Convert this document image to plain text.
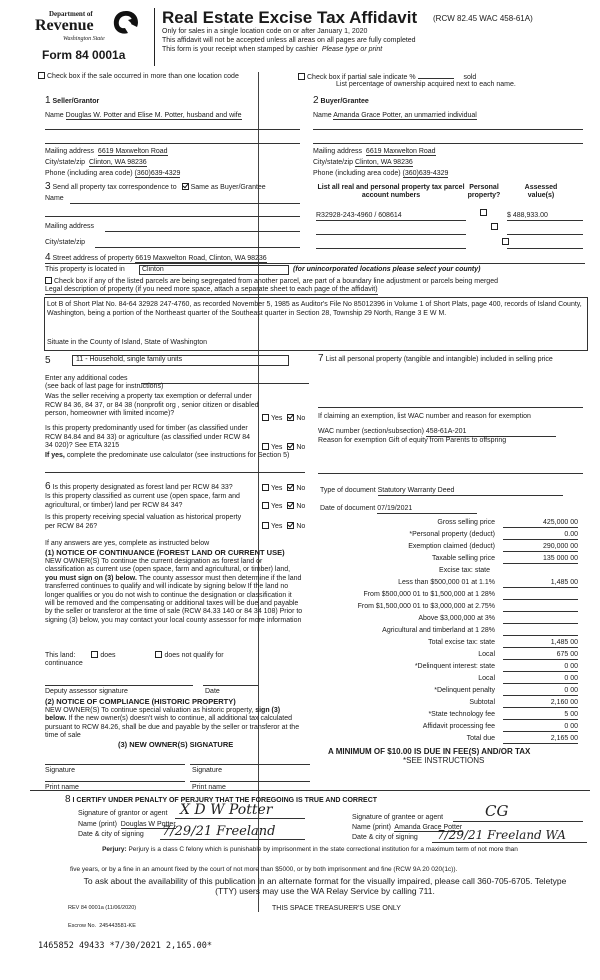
Department of
Revenue
Washington State
Form 84 0001a
Real Estate Excise Tax Affidavit (RCW 82.45 WAC 458-61A)
Only for sales in a single location code on or after January 1, 2020
This affidavit will not be accepted unless all areas on all pages are fully completed
This form is your receipt when stamped by cashier Please type or print
Check box if the sale occurred in more than one location code	Check box if partial sale indicate %	sold
List percentage of ownership acquired next to each name.
1 Seller/Grantor
Name Douglas W. Potter and Elise M. Potter, husband and wife
Mailing address 6619 Maxwelton Road
City/state/zip Clinton, WA 98236
Phone (including area code) (360)639-4329
2 Buyer/Grantee
Name Amanda Grace Potter, an unmarried individual
Mailing address 6619 Maxwelton Road
City/state/zip Clinton, WA 98236
Phone (including area code) (360)639-4329
3 Send all property tax correspondence to Same as Buyer/Grantee
Name
Mailing address
City/state/zip
List all real and personal property tax parcel account numbers
Personal property?
Assessed value(s)
R32928-243-4960 / 608614
	$ 488,933.00

4 Street address of property 6619 Maxwelton Road, Clinton, WA 98236
This property is located in	Clinton	(for unincorporated locations please select your county)
Check box if any of the listed parcels are being segregated from another parcel, are part of a boundary line adjustment or parcels being merged
Legal description of property (if you need more space, attach a separate sheet to each page of the affidavit)
Lot B of Short Plat No. 84-64 32928 247-4760, as recorded November 5, 1985 as Auditor's File No 85012396 in Volume 1 of Short Plats, page 400, records of Island County, Washington, being a portion of the Northeast quarter of the Southeast quarter in Section 28, Township 29 North, Range 3 E W M.
Situate in the County of Island, State of Washington
5	11 - Household, single family units
Enter any additional codes
(see back of last page for instructions)
Was the seller receiving a property tax exemption or deferral under RCW 84 36, 84 37, or 84 38 (nonprofit org , senior citizen or disabled person, homeowner with limited income)?
Yes No
Is this property predominantly used for timber (as classified under RCW 84.84 and 84 33) or agriculture (as classified under RCW 84 34 020)? See ETA 3215	Yes No
If yes, complete the predominate use calculator (see instructions for Section 5)
7 List all personal property (tangible and intangible) included in selling price
If claiming an exemption, list WAC number and reason for exemption
WAC number (section/subsection) 458-61A-201
Reason for exemption Gift of equity from Parents to offspring
6 Is this property designated as forest land per RCW 84 33?	Yes No
Is this property classified as current use (open space, farm and agricultural, or timber) land per RCW 84 34?	Yes No
Is this property receiving special valuation as historical property per RCW 84 26?	Yes No
If any answers are yes, complete as instructed below
(1) NOTICE OF CONTINUANCE (FOREST LAND OR CURRENT USE)
NEW OWNER(S) To continue the current designation as forest land or classification as current use (open space, farm and agricultural, or timber) land, you must sign on (3) below. The county assessor must then determine if the land transferred continues to qualify and will indicate by signing below If the land no longer qualifies or you do not wish to continue the designation or classification it will be removed and the compensating or additional taxes will be due and payable by the seller or transferor at the time of sale (RCW 84.33 140 or 84 34 108) Prior to signing (3) below, you may contact your local county assessor for more information
This land:	does	does not qualify for
continuance
Deputy assessor signature	Date
(2) NOTICE OF COMPLIANCE (HISTORIC PROPERTY)
NEW OWNER(S) To continue special valuation as historic property, sign (3) below. If the new owner(s) doesn't wish to continue, all additional tax calculated pursuant to RCW 84.26, shall be due and payable by the seller or transferor at the time of sale
(3) NEW OWNER(S) SIGNATURE
Signature	Signature
Print name	Print name
Type of document Statutory Warranty Deed
Date of document 07/19/2021
Gross selling price	425,000 00
*Personal property (deduct)	0.00
Exemption claimed (deduct)	290,000 00
Taxable selling price	135 000 00
Excise tax: state
Less than $500,000 01 at 1.1%	1,485 00
From $500,000 01 to $1,500,000 at 1 28%
From $1,500,000 01 to $3,000,000 at 2.75%
Above $3,000,000 at 3%
Agricultural and timberland at 1 28%
Total excise tax: state	1,485 00
Local	675 00
*Delinquent interest: state	0 00
Local	0 00
*Delinquent penalty	0 00
Subtotal	2,160 00
*State technology fee	5 00
Affidavit processing fee	0 00
Total due	2,165 00
A MINIMUM OF $10.00 IS DUE IN FEE(S) AND/OR TAX
*SEE INSTRUCTIONS
8 I CERTIFY UNDER PENALTY OF PERJURY THAT THE FOREGOING IS TRUE AND CORRECT
Signature of grantor or agent X D W Potter
Name (print) Douglas W Potter
Date & city of signing 7/29/21 Freeland
Signature of grantee or agent	CG
Name (print) Amanda Grace Potter
Date & city of signing 7/29/21 Freeland WA
Perjury: Perjury is a class C felony which is punishable by imprisonment in the state correctional institution for a maximum term of not more than
five years, or by a fine in an amount fixed by the court of not more than $5000, or by both imprisonment and fine (RCW 9A 20 020(1c)).
To ask about the availability of this publication in an alternate format for the visually impaired, please call 360-705-6705. Teletype (TTY) users may use the WA Relay Service by calling 711.
REV 84 0001a (11/06/2020)
Escrow No. 245443581-KE
1465852 49433 *7/30/2021 2,165.00*
THIS SPACE TREASURER'S USE ONLY
